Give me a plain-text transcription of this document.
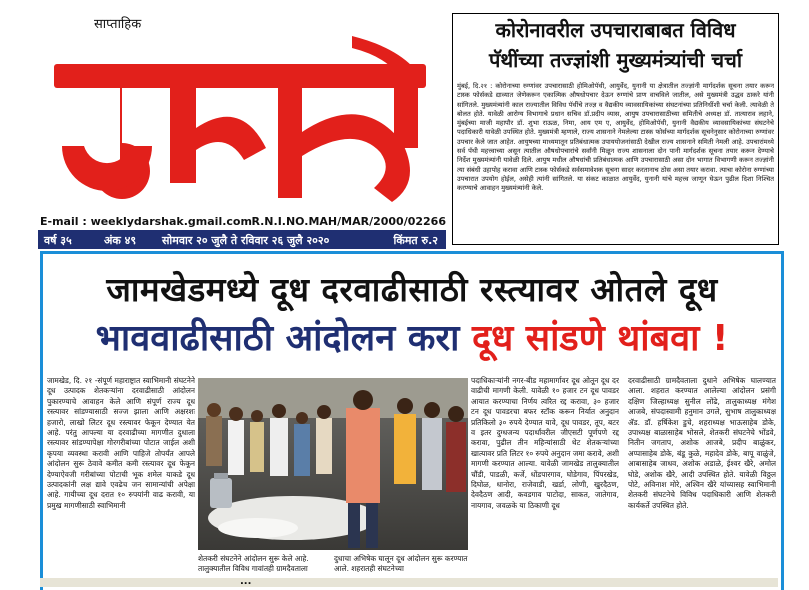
साप्ताहिक
E-mail : weeklydarshak.gmail.com R.N.I.NO.MAH/MAR/2000/02266
वर्ष ३५	अंक ४९ सोमवार २० जुलै ते रविवार २६ जुलै २०२०	किंमत रु.२
कोरोनावरील उपचाराबाबत विविध
पॅथींच्या तज्ज्ञांशी मुख्यमंत्र्यांची चर्चा
मुंबई, दि.२१ : कोरोनाच्या रुग्णांवर उपचारासाठी होमिओपॅथी, आयुर्वेद, युनानी या क्षेत्रातील तज्ज्ञांनी मार्गदर्शक सूचना तयार करून टास्क फोर्सकडे द्याव्यात जेणेकरून एकात्मिक औषधोपचार देऊन रुग्णांचे प्राण वाचविले जातील, असे मुख्यमंत्री उद्धव ठाकरे यांनी सांगितले. मुख्यमंत्र्यांनी काल राज्यातील विविध पॅथींचे तज्ज्ञ व वैद्यकीय व्यावसायिकांच्या संघटनांच्या प्रतिनिधींशी चर्चा केली. त्यावेळी ते बोलत होते. यावेळी आरोग्य विभागाचे प्रधान सचिव डॉ.प्रदीप व्यास, आयुष उपचारासाठीच्या समितीचे अध्यक्ष डॉ. तात्याराव लहाने, मुंबईच्या माजी महापौर डॉ. शुभा राऊळ, निमा, आय एम ए, आयुर्वेद, होमिओपॅथी, युनानी वैद्यकीय व्यावसायिकांच्या संघटनेचे पदाधिकारी यावेळी उपस्थित होते. मुख्यमंत्री म्हणाले, राज्य शासनाने नेमलेल्या टास्क फोर्सच्या मार्गदर्शक सूचनेनुसार कोरोनाच्या रुग्णांवर उपचार केले जात आहेत. आयुषच्या माध्यमातून प्रतिबंधात्मक उपाययोजनांसाठी देखील राज्य शासनाने समिती नेमली आहे. उपचारांमध्ये सर्व पॅथी महत्त्वाच्या असून त्यातील औषधोपचारांचे सर्वांनी मिळून राज्य शासनाला दोन पानी मार्गदर्शक सूचना तयार करून देण्याचे निर्देश मुख्यमंत्र्यांनी यावेळी दिले. आयुष मधील औषधांची प्रतिबंधात्मक आणि उपचारासाठी असा दोन भागात विभागणी करून तज्ज्ञांनी त्या संबंधी उहापोह करावा आणि टास्क फोर्सकडे सर्वसमावेशक सूचना सादर करतानाच ठोस असा तयार करावा. त्याचा कोरोना रुग्णांच्या उपचारात उपयोग होईल, असेही त्यांनी सांगितले. या संकट काळात आयुर्वेद, युनानी यांचे महत्त्व जाणून घेऊन पुढील दिशा निश्चित करण्याचे आवाहन मुख्यमंत्र्यांनी केले.
जामखेडमध्ये दूध दरवाढीसाठी रस्त्यावर ओतले दूध
भाववाढीसाठी आंदोलन करा दूध सांडणे थांबवा !
जामखेड, दि. २१ -संपूर्ण महाराष्ट्रात स्वाभिमानी संघटनेने दूध उत्पादक शेतकऱ्यांना दरवाढीसाठी आंदोलन पुकारण्याचे आवाहन केले आणि संपूर्ण राज्य दूध रस्त्यावर सांडण्यासाठी सज्ज झाला आणि अक्षरशः हजारो, लाखो लिटर दूध रस्त्यावर फेकून देण्यात येत आहे. परंतु आपल्या या दरवाढीच्या मागणीत दुधाला रस्त्यावर सांडण्यापेक्षा गोरगरीबांच्या पोटात जाईल अशी कृपया व्यवस्था करावी आणि पाहिजे तोपर्यंत आपले आंदोलन सुरू ठेवावे कमीत कमी रस्त्यावर दूध फेकून देण्याऐवजी गरीबांच्या पोटाची भूक शमेल याकडे दूध उत्पादकांनी लक्ष द्यावे एवढेच जन सामान्यांची अपेक्षा आहे. गायीच्या दूध दरात १० रुपयांनी वाढ करावी, या प्रमुख मागणीसाठी स्वाभिमानी
शेतकरी संघटनेने आंदोलन सुरू केले आहे. तालुक्यातील विविध गावांतही ग्रामदैवताला
दुधाचा अभिषेक घालून दूध आंदोलन सुरू करण्यात आले. शहरातही संघटनेच्या
पदाधिकाऱ्यांनी नगर-बीड महामार्गावर दूध ओतून दूध दर वाढीची मागणी केली. यावेळी १० हजार टन दूध पावडर आयात करण्याचा निर्णय त्वरित रद्द करावा, ३० हजार टन दूध पावडरचा बफर स्टॉक करून निर्यात अनुदान प्रतिकिलो ३० रुपये देण्यात यावे, दूध पावडर, तूप, बटर व इतर दुग्धजन्य पदार्थांवरील जीएसटी पूर्णपणे रद्द करावा, पुढील तीन महिन्यांसाठी थेट शेतकऱ्यांच्या खात्यावर प्रति लिटर १० रुपये अनुदान जमा करावे, अशी मागणी करण्यात आल्या. यावेळी जामखेड तालुक्यातील चौंडी, पाडळी, कर्जे, धोंडपारगाव, घोडेगाव, पिंपरखेड, दिघोळ, धानोरा, राजेवाडी, खर्डा, लोणी, खुरदैठण, देवदैठण आदी, कवडगाव पाटोदा, साकत, जातेगाव, नायगाव, जवळके या ठिकाणी दूध
दरवाढीसाठी ग्रामदैवताला दुधाने अभिषेक घालण्यात आला. शहरात करण्यात आलेल्या आंदोलन प्रसंगी दक्षिण जिल्हाध्यक्ष सुनील लोंढे, तालुकाध्यक्ष मंगेश आजबे, संपदास्वामी हनुमान उगले, सुभाष तालुकाध्यक्ष ॲड. डॉ. हर्षिकेश डुचे, शहराध्यक्ष भाऊसाहेब डोके, उपाध्यक्ष बाळासाहेब भोसले, शेतकरी संघटनेचे भोंडवे, नितीन जगताप, अशोक आजबे, प्रदीप बाळुंकर, अप्पासाहेब डोके, बंडू कुळे, महादेव डोके, बापू वाळुंजे, आबासाहेब जाधव, अशोक अडाळे, ईश्वर खैरे, अमोल घोडे, अशोक खैरे, आदी उपस्थित होते. यावेळी विठ्ठल पोटे, अविनाश मोरे, अश्विन खैरे यांच्यासह स्वाभिमानी शेतकरी संघटनेचे विविध पदाधिकारी आणि शेतकरी कार्यकर्ते उपस्थित होते.
...
